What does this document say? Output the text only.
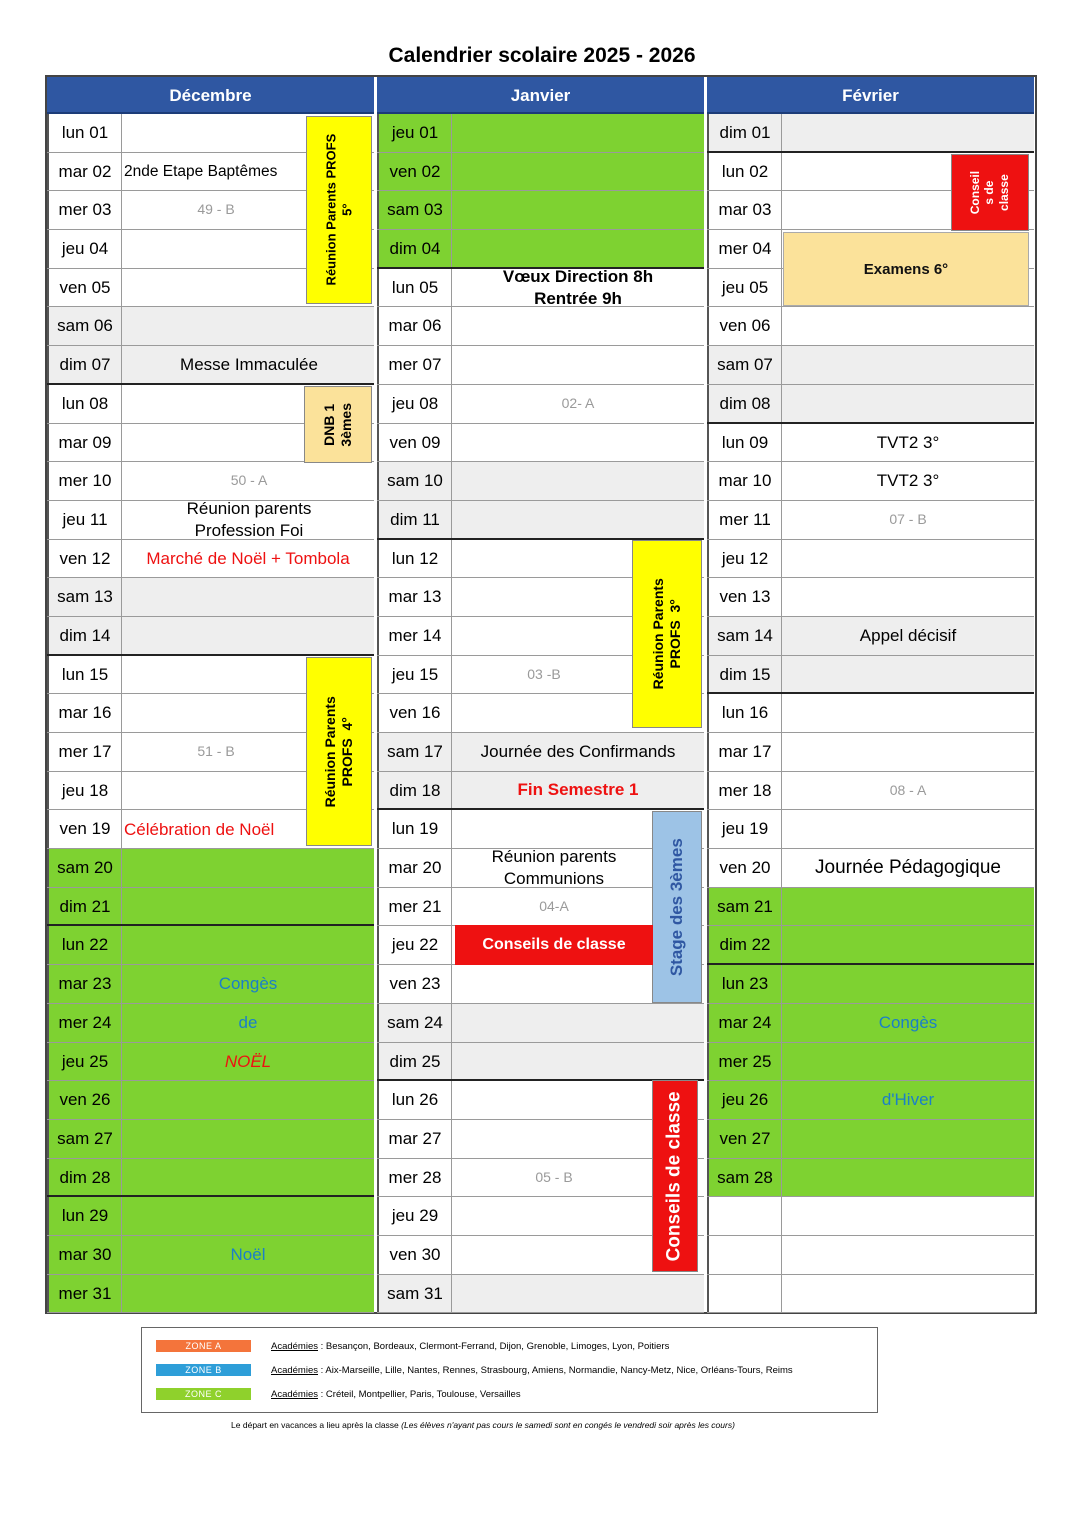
Calendrier scolaire 2025 - 2026
Décembre
lun 01
mar 02 2nde Etape Baptêmes
mer 03	49 - B
jeu 04
ven 05
sam 06
dim 07	Messe Immaculée
lun 08
mar 09
mer 10	50 - A
jeu 11
Réunion parents
Profession Foi
ven 12	Marché de Noël + Tombola
sam 13
dim 14
lun 15
mar 16
mer 17	51 - B
jeu 18
ven 19 Célébration de Noël
sam 20
dim 21
lun 22
mar 23	Congès
mer 24	de
jeu 25	NOËL
ven 26
sam 27
dim 28
lun 29
mar 30	Noël
mer 31
Janvier
jeu 01
ven 02
sam 03
dim 04
lun 05
Vœux Direction 8h
Rentrée 9h
mar 06
mer 07
jeu 08	02- A
ven 09
sam 10
dim 11
lun 12
mar 13
mer 14
jeu 15	03 -B
ven 16
sam 17	Journée des Confirmands
dim 18	Fin Semestre 1
lun 19
mar 20
Réunion parents
Communions
mer 21	04-A
jeu 22
ven 23
sam 24
dim 25
lun 26
mar 27
mer 28	05 - B
jeu 29
ven 30
sam 31
Février
dim 01
lun 02
mar 03
mer 04
jeu 05
ven 06
sam 07
dim 08
lun 09	TVT2 3°
mar 10	TVT2 3°
mer 11	07 - B
jeu 12
ven 13
sam 14	Appel décisif
dim 15
lun 16
mar 17
mer 18	08 - A
jeu 19
ven 20	Journée Pédagogique
sam 21
dim 22
lun 23
mar 24	Congès
mer 25
jeu 26	d'Hiver
ven 27
sam 28
Réunion Parents PROFS
5°
DNB 1
3èmes
Réunion Parents
PROFS  4°
Réunion Parents
PROFS  3°
Stage des 3èmes
Conseils de classe
Conseils de classe
Conseil
s de
classe
Examens 6°
ZONE A	Académies : Besançon, Bordeaux, Clermont-Ferrand, Dijon, Grenoble, Limoges, Lyon, Poitiers
ZONE B	Académies : Aix-Marseille, Lille, Nantes, Rennes, Strasbourg, Amiens, Normandie, Nancy-Metz, Nice, Orléans-Tours, Reims
ZONE C	Académies : Créteil, Montpellier, Paris, Toulouse, Versailles
Le départ en vacances a lieu après la classe (Les élèves n'ayant pas cours le samedi sont en congés le vendredi soir après les cours)
